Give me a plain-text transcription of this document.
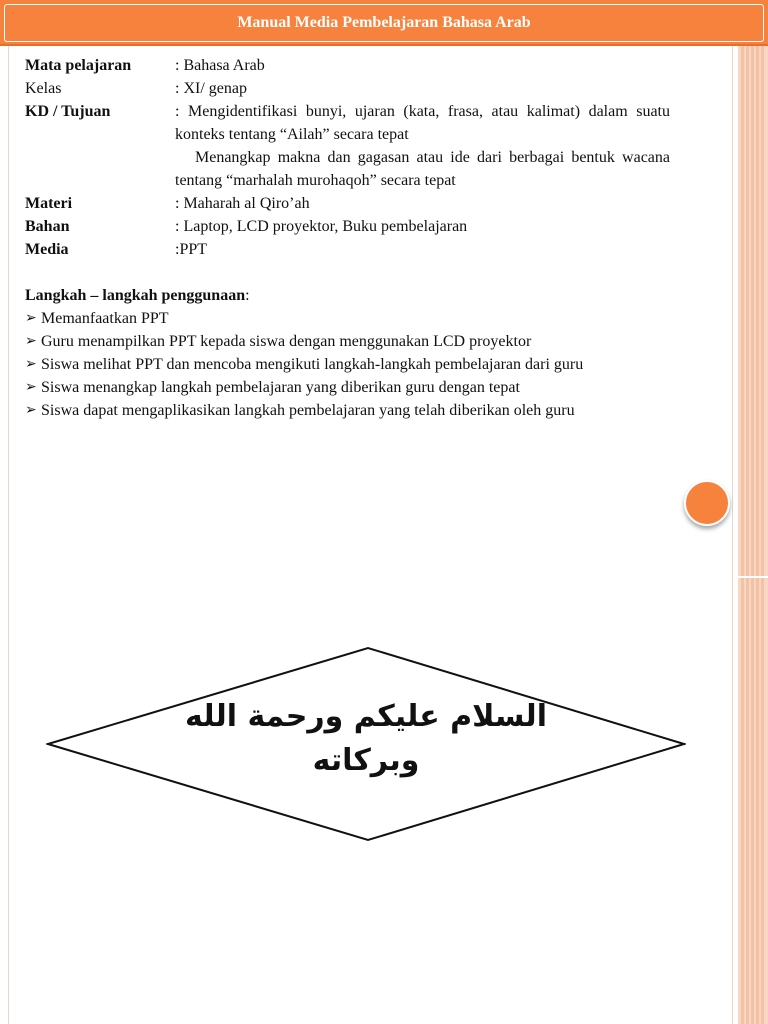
Manual Media Pembelajaran Bahasa Arab
Mata pelajaran	: Bahasa Arab
Kelas	: XI/ genap
KD / Tujuan	: Mengidentifikasi bunyi, ujaran (kata, frasa, atau kalimat) dalam suatu konteks tentang “Ailah” secara tepat
Menangkap makna dan gagasan atau ide dari berbagai bentuk wacana tentang “marhalah murohaqoh” secara tepat
Materi	: Maharah al Qiro’ah
Bahan	: Laptop, LCD proyektor, Buku pembelajaran
Media	:PPT
Langkah – langkah penggunaan:
➢ Memanfaatkan PPT
➢ Guru menampilkan PPT kepada siswa dengan menggunakan LCD proyektor
➢ Siswa melihat PPT dan mencoba mengikuti langkah-langkah pembelajaran dari guru
➢ Siswa menangkap langkah pembelajaran yang diberikan guru dengan tepat
➢ Siswa dapat mengaplikasikan langkah pembelajaran yang telah diberikan oleh guru
السلام عليكم ورحمة الله
وبركاته
